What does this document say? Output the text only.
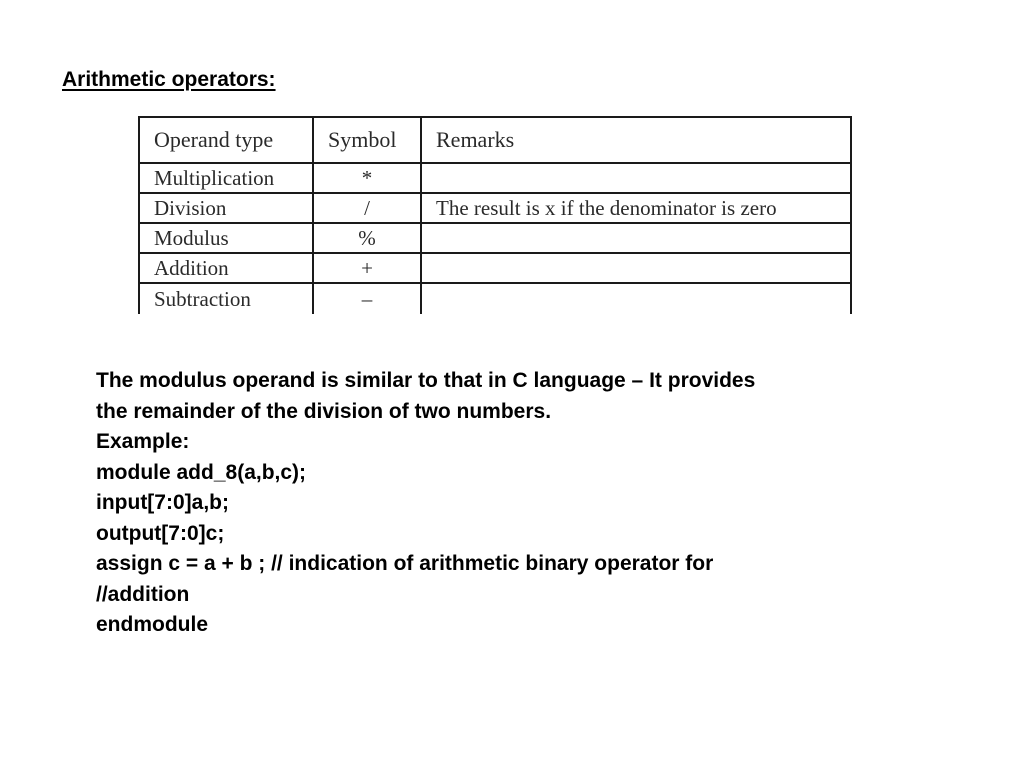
Arithmetic operators:
Operand type	Symbol	Remarks
Multiplication	*	
Division	/	The result is x if the denominator is zero
Modulus	%	
Addition	+	
Subtraction	–	
The modulus operand is similar to that in C language – It provides
the remainder of the division of two numbers.
Example:
module add_8(a,b,c);
input[7:0]a,b;
output[7:0]c;
assign c = a + b ; // indication of arithmetic binary operator for
//addition
endmodule
